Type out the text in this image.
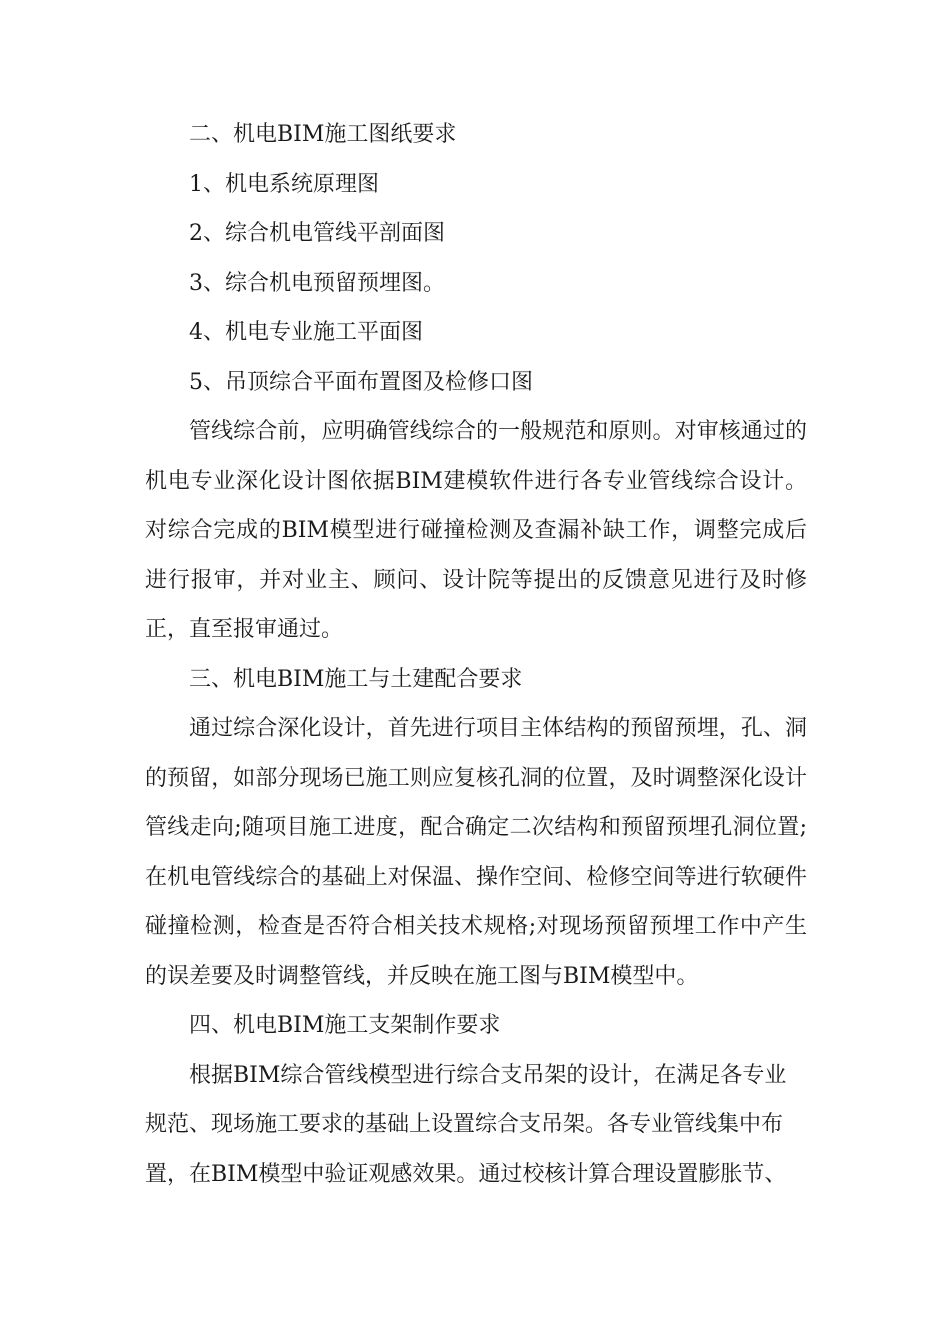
二、机电BIM施工图纸要求

1、机电系统原理图

2、综合机电管线平剖面图

3、综合机电预留预埋图。

4、机电专业施工平面图

5、吊顶综合平面布置图及检修口图

管线综合前，应明确管线综合的一般规范和原则。对审核通过的机电专业深化设计图依据BIM建模软件进行各专业管线综合设计。对综合完成的BIM模型进行碰撞检测及查漏补缺工作，调整完成后进行报审，并对业主、顾问、设计院等提出的反馈意见进行及时修正，直至报审通过。

三、机电BIM施工与土建配合要求

通过综合深化设计，首先进行项目主体结构的预留预埋，孔、洞的预留，如部分现场已施工则应复核孔洞的位置，及时调整深化设计管线走向;随项目施工进度，配合确定二次结构和预留预埋孔洞位置;在机电管线综合的基础上对保温、操作空间、检修空间等进行软硬件碰撞检测，检查是否符合相关技术规格;对现场预留预埋工作中产生的误差要及时调整管线，并反映在施工图与BIM模型中。

四、机电BIM施工支架制作要求

根据BIM综合管线模型进行综合支吊架的设计，在满足各专业规范、现场施工要求的基础上设置综合支吊架。各专业管线集中布置，在BIM模型中验证观感效果。通过校核计算合理设置膨胀节、
